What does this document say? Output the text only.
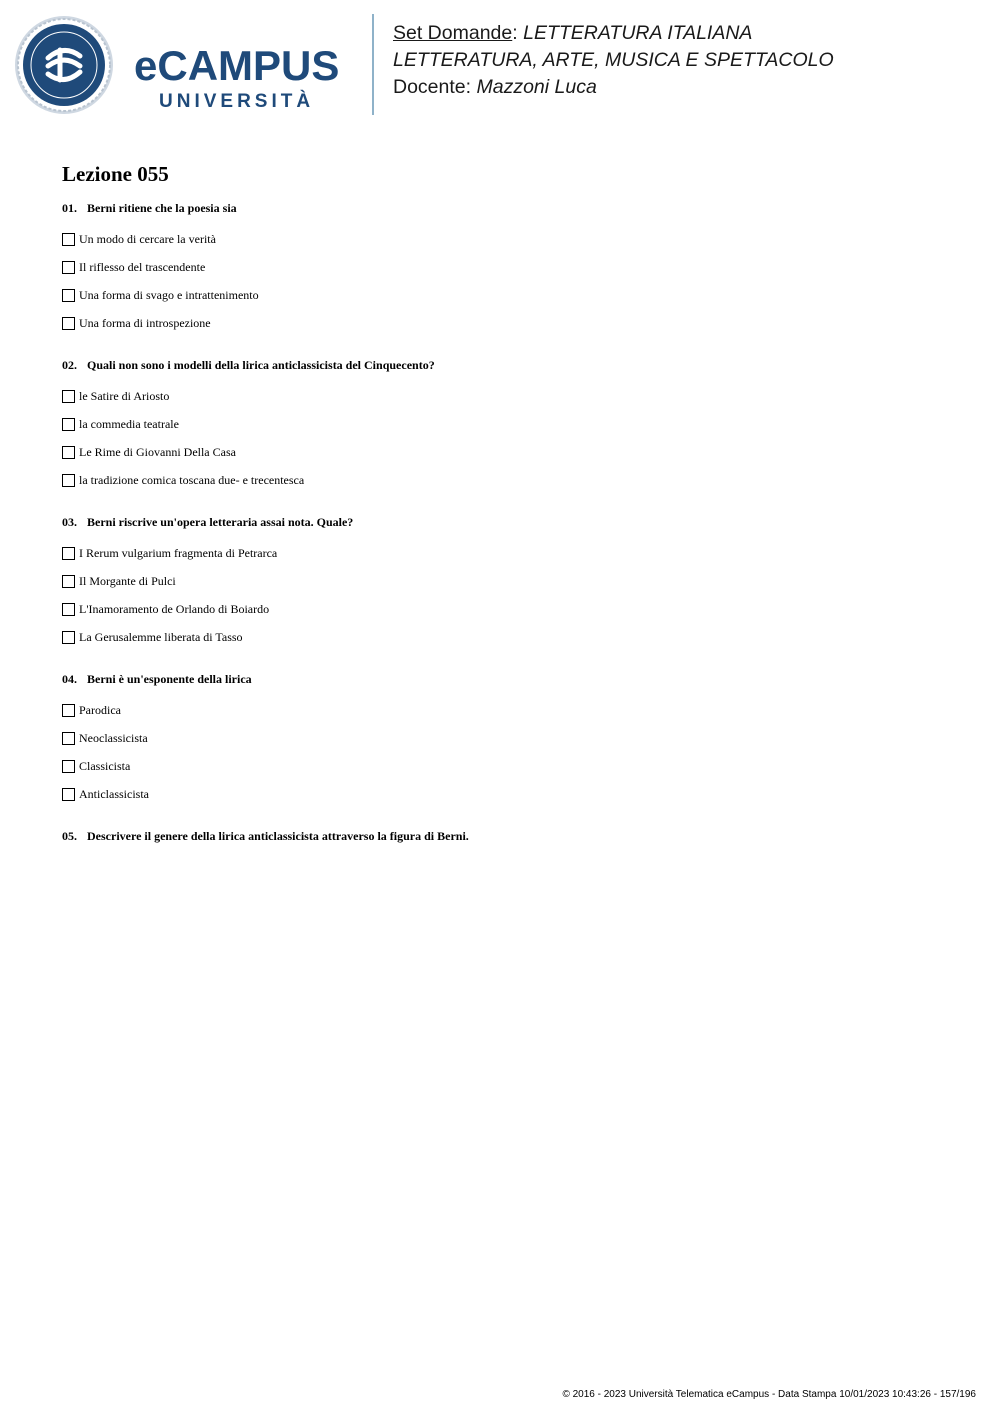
eCAMPUS
UNIVERSITÀ
Set Domande: LETTERATURA ITALIANA
LETTERATURA, ARTE, MUSICA E SPETTACOLO
Docente: Mazzoni Luca
Lezione 055
01. Berni ritiene che la poesia sia
Un modo di cercare la verità
Il riflesso del trascendente
Una forma di svago e intrattenimento
Una forma di introspezione
02. Quali non sono i modelli della lirica anticlassicista del Cinquecento?
le Satire di Ariosto
la commedia teatrale
Le Rime di Giovanni Della Casa
la tradizione comica toscana due- e trecentesca
03. Berni riscrive un'opera letteraria assai nota. Quale?
I Rerum vulgarium fragmenta di Petrarca
Il Morgante di Pulci
L'Inamoramento de Orlando di Boiardo
La Gerusalemme liberata di Tasso
04. Berni è un'esponente della lirica
Parodica
Neoclassicista
Classicista
Anticlassicista
05. Descrivere il genere della lirica anticlassicista attraverso la figura di Berni.
© 2016 - 2023 Università Telematica eCampus - Data Stampa 10/01/2023 10:43:26 - 157/196
